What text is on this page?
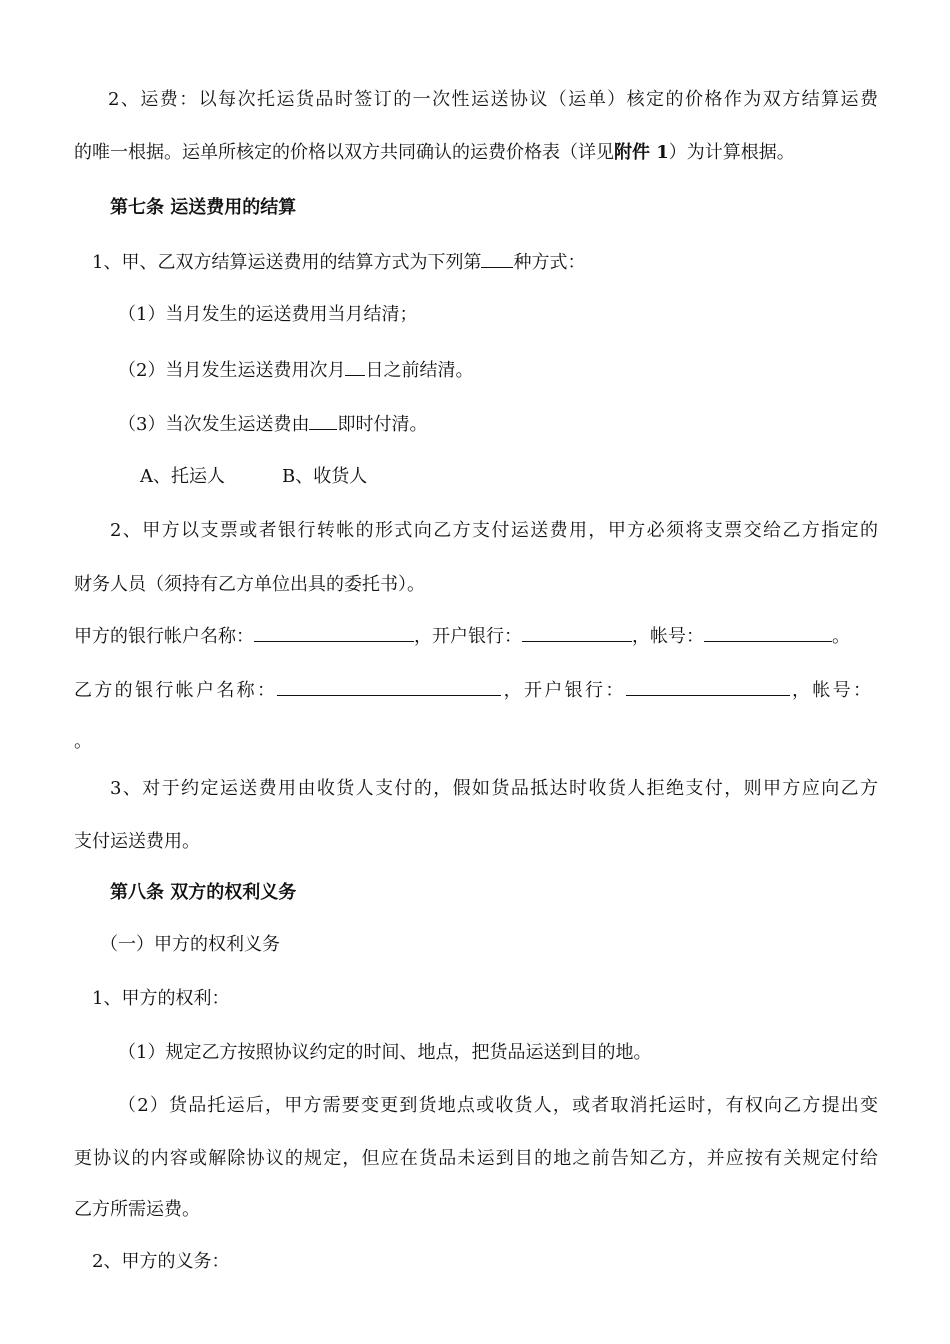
2、运费：以每次托运货品时签订的一次性运送协议（运单）核定的价格作为双方结算运费
的唯一根据。运单所核定的价格以双方共同确认的运费价格表（详见附件 1）为计算根据。
第七条 运送费用的结算
1、甲、乙双方结算运送费用的结算方式为下列第 种方式：
（1）当月发生的运送费用当月结清；
（2）当月发生运送费用次月 日之前结清。
（3）当次发生运送费由 即时付清。
A、托运人	B、收货人
2、甲方以支票或者银行转帐的形式向乙方支付运送费用，甲方必须将支票交给乙方指定的
财务人员（须持有乙方单位出具的委托书）。
甲方的银行帐户名称：	，开户银行：	，帐号：	。
乙方的银行帐户名称：	，开户银行：	，帐号：
。
3、对于约定运送费用由收货人支付的，假如货品抵达时收货人拒绝支付，则甲方应向乙方
支付运送费用。
第八条 双方的权利义务
（一）甲方的权利义务
1、甲方的权利：
（1）规定乙方按照协议约定的时间、地点，把货品运送到目的地。
（2）货品托运后，甲方需要变更到货地点或收货人，或者取消托运时，有权向乙方提出变
更协议的内容或解除协议的规定，但应在货品未运到目的地之前告知乙方，并应按有关规定付给
乙方所需运费。
2、甲方的义务：
